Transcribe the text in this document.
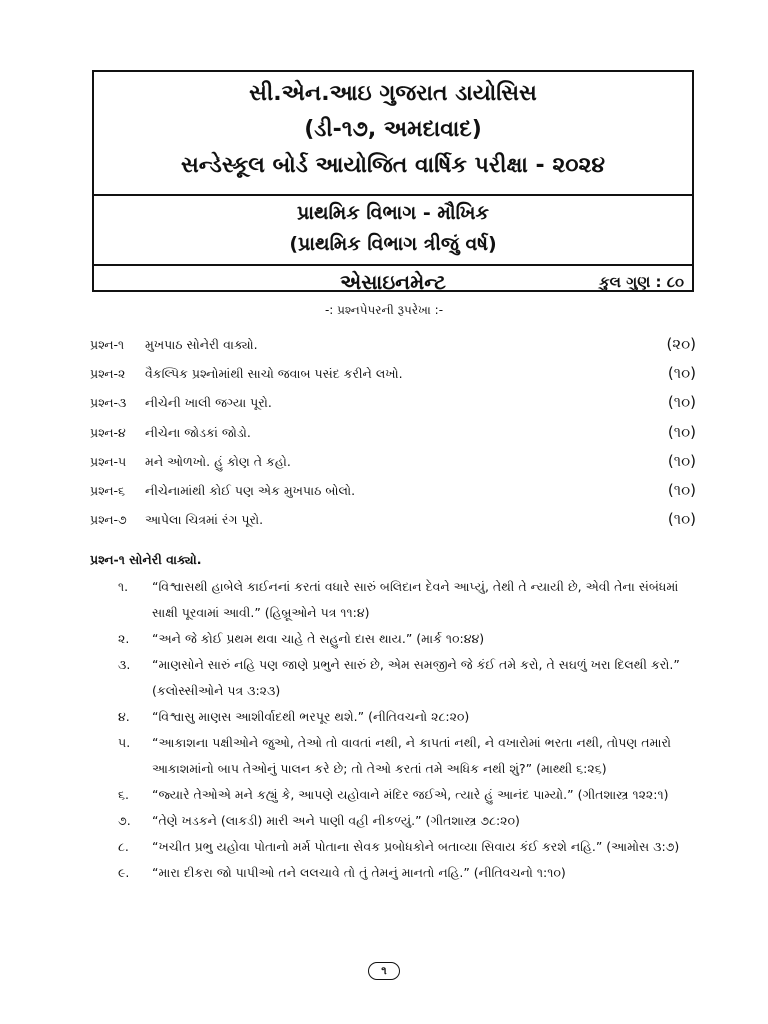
સી.એન.આઇ ગુજરાત ડાયોસિસ
(ડી-૧૭, અમદાવાદ)
સન્ડેસ્કૂલ બોર્ડ આયોજિત વાર્ષિક પરીક્ષા - ૨૦૨૪
પ્રાથમિક વિભાગ - મૌખિક
(પ્રાથમિક વિભાગ ત્રીજું વર્ષ)
એસાઇનમેન્ટ	કુલ ગુણ : ૮૦
-: પ્રશ્નપેપરની રૂપરેખા :-
પ્રશ્ન-૧ મુખપાઠ સોનેરી વાક્યો.	(૨૦)
પ્રશ્ન-૨ વૈકલ્પિક પ્રશ્નોમાંથી સાચો જવાબ પસંદ કરીને લખો.	(૧૦)
પ્રશ્ન-૩ નીચેની ખાલી જગ્યા પૂરો.	(૧૦)
પ્રશ્ન-૪ નીચેના જોડકાં જોડો.	(૧૦)
પ્રશ્ન-૫ મને ઓળખો. હું કોણ તે કહો.	(૧૦)
પ્રશ્ન-૬ નીચેનામાંથી કોઈ પણ એક મુખપાઠ બોલો.	(૧૦)
પ્રશ્ન-૭ આપેલા ચિત્રમાં રંગ પૂરો.	(૧૦)
પ્રશ્ન-૧ સોનેરી વાક્યો.
૧. “વિશ્વાસથી હાબેલે કાઈનનાં કરતાં વધારે સારું બલિદાન દેવને આપ્યું, તેથી તે ન્યાયી છે, એવી તેના સંબંધમાં સાક્ષી પૂરવામાં આવી.” (હિબ્રૂઓને પત્ર ૧૧:૪)
૨. “અને જે કોઈ પ્રથમ થવા ચાહે તે સહુનો દાસ થાય.” (માર્ક ૧૦:૪૪)
૩. “માણસોને સારું નહિ પણ જાણે પ્રભુને સારું છે, એમ સમજીને જે કંઈ તમે કરો, તે સઘળું ખરા દિલથી કરો.” (કલોસ્સીઓને પત્ર ૩:૨૩)
૪. “વિશ્વાસુ માણસ આશીર્વાદથી ભરપૂર થશે.” (નીતિવચનો ૨૮:૨૦)
૫. “આકાશના પક્ષીઓને જુઓ, તેઓ તો વાવતાં નથી, ને કાપતાં નથી, ને વખારોમાં ભરતા નથી, તોપણ તમારો આકાશમાંનો બાપ તેઓનું પાલન કરે છે; તો તેઓ કરતાં તમે અધિક નથી શું?” (માથ્થી ૬:૨૬)
૬. “જ્યારે તેઓએ મને કહ્યું કે, આપણે યહોવાને મંદિર જઈએ, ત્યારે હું આનંદ પામ્યો.” (ગીતશાસ્ત્ર ૧૨૨:૧)
૭. “તેણે ખડકને (લાકડી) મારી અને પાણી વહી નીકળ્યું.” (ગીતશાસ્ત્ર ૭૮:૨૦)
૮. “ખચીત પ્રભુ યહોવા પોતાનો મર્મ પોતાના સેવક પ્રબોધકોને બતાવ્યા સિવાય કંઈ કરશે નહિ.” (આમોસ ૩:૭)
૯. “મારા દીકરા જો પાપીઓ તને લલચાવે તો તું તેમનું માનતો નહિ.” (નીતિવચનો ૧:૧૦)
૧
